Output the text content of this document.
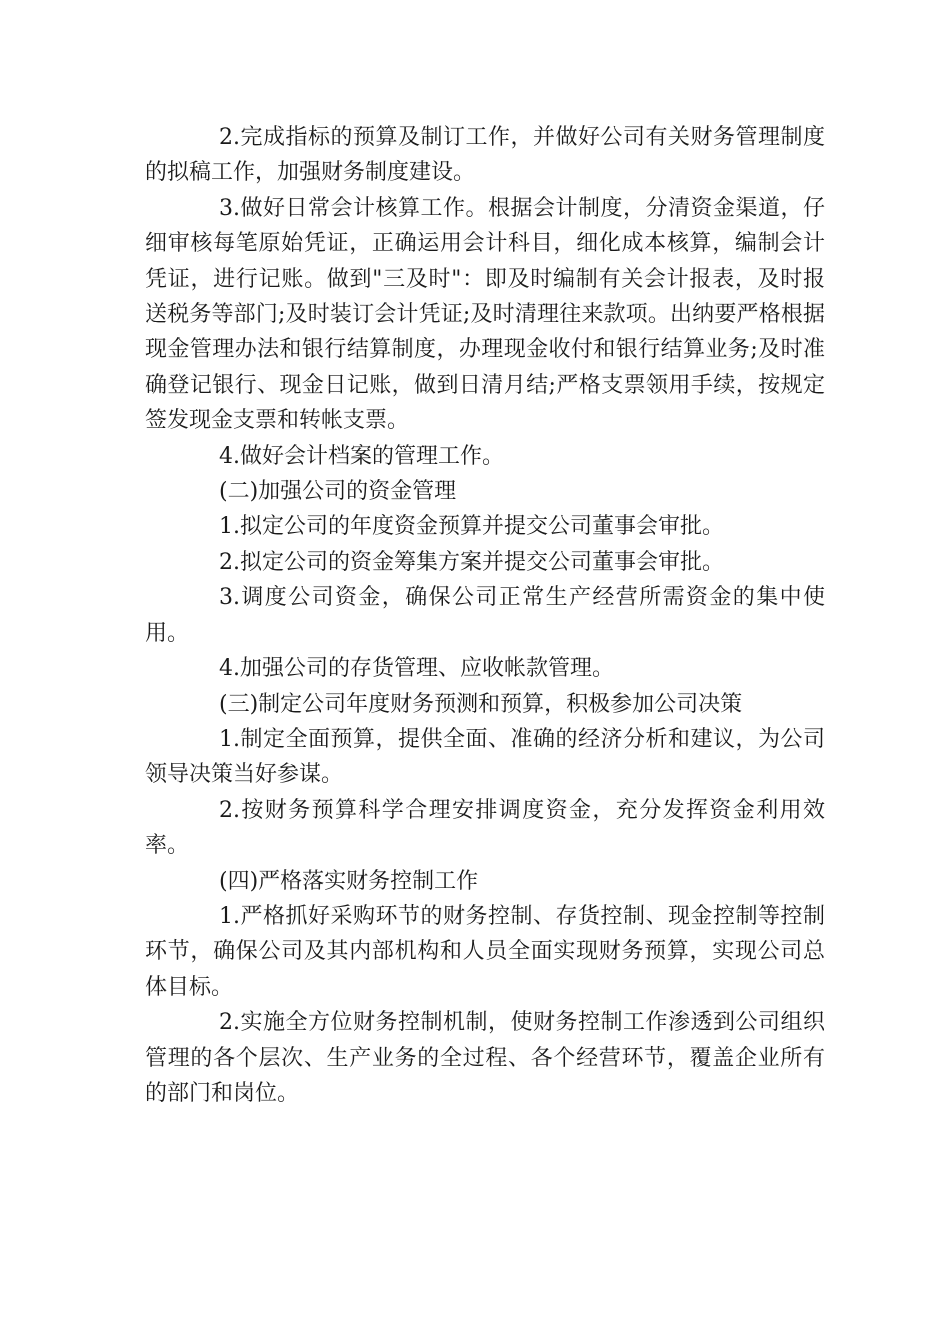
2.完成指标的预算及制订工作，并做好公司有关财务管理制度的拟稿工作，加强财务制度建设。

3.做好日常会计核算工作。根据会计制度，分清资金渠道，仔细审核每笔原始凭证，正确运用会计科目，细化成本核算，编制会计凭证，进行记账。做到"三及时"：即及时编制有关会计报表，及时报送税务等部门;及时装订会计凭证;及时清理往来款项。出纳要严格根据现金管理办法和银行结算制度，办理现金收付和银行结算业务;及时准确登记银行、现金日记账，做到日清月结;严格支票领用手续，按规定签发现金支票和转帐支票。

4.做好会计档案的管理工作。

(二)加强公司的资金管理

1.拟定公司的年度资金预算并提交公司董事会审批。

2.拟定公司的资金筹集方案并提交公司董事会审批。

3.调度公司资金，确保公司正常生产经营所需资金的集中使用。

4.加强公司的存货管理、应收帐款管理。

(三)制定公司年度财务预测和预算，积极参加公司决策

1.制定全面预算，提供全面、准确的经济分析和建议，为公司领导决策当好参谋。

2.按财务预算科学合理安排调度资金，充分发挥资金利用效率。

(四)严格落实财务控制工作

1.严格抓好采购环节的财务控制、存货控制、现金控制等控制环节，确保公司及其内部机构和人员全面实现财务预算，实现公司总体目标。

2.实施全方位财务控制机制，使财务控制工作渗透到公司组织管理的各个层次、生产业务的全过程、各个经营环节，覆盖企业所有的部门和岗位。
